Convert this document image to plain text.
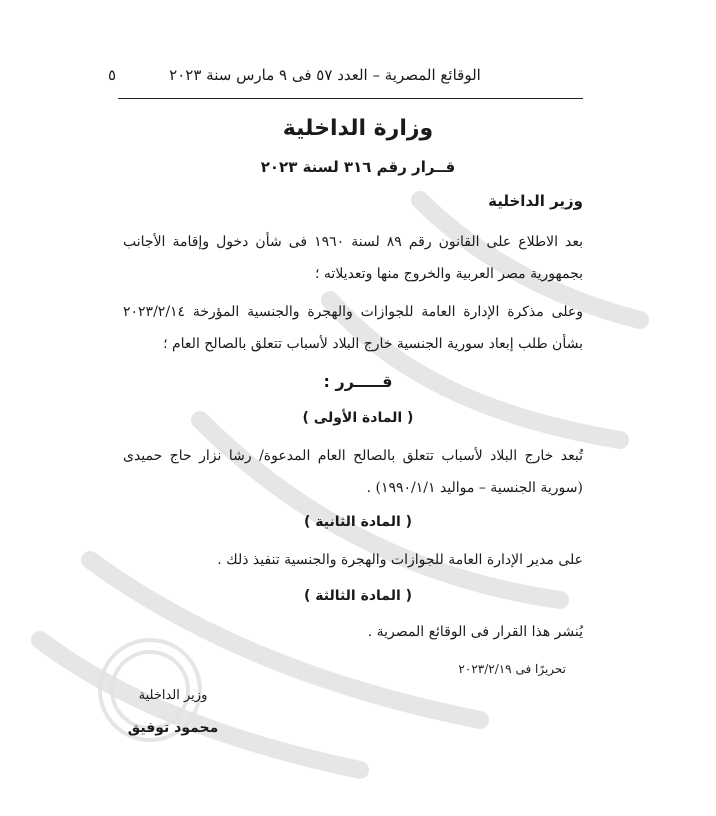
الوقائع المصرية – العدد ٥٧ فى ٩ مارس سنة ٢٠٢٣
٥
وزارة الداخلية
قــرار رقم ٣١٦ لسنة ٢٠٢٣
وزير الداخلية
بعد الاطلاع على القانون رقم ٨٩ لسنة ١٩٦٠ فى شأن دخول وإقامة الأجانب بجمهورية مصر العربية والخروج منها وتعديلاته ؛
وعلى مذكرة الإدارة العامة للجوازات والهجرة والجنسية المؤرخة ٢٠٢٣/٢/١٤ بشأن طلب إبعاد سورية الجنسية خارج البلاد لأسباب تتعلق بالصالح العام ؛
قـــــرر :
( المادة الأولى )
تُبعد خارج البلاد لأسباب تتعلق بالصالح العام المدعوة/ رشا نزار حاج حميدى (سورية الجنسية – مواليد ١٩٩٠/١/١) .
( المادة الثانية )
على مدير الإدارة العامة للجوازات والهجرة والجنسية تنفيذ ذلك .
( المادة الثالثة )
يُنشر هذا القرار فى الوقائع المصرية .
تحريرًا فى ٢٠٢٣/٢/١٩
وزير الداخلية
محمود توفيق
